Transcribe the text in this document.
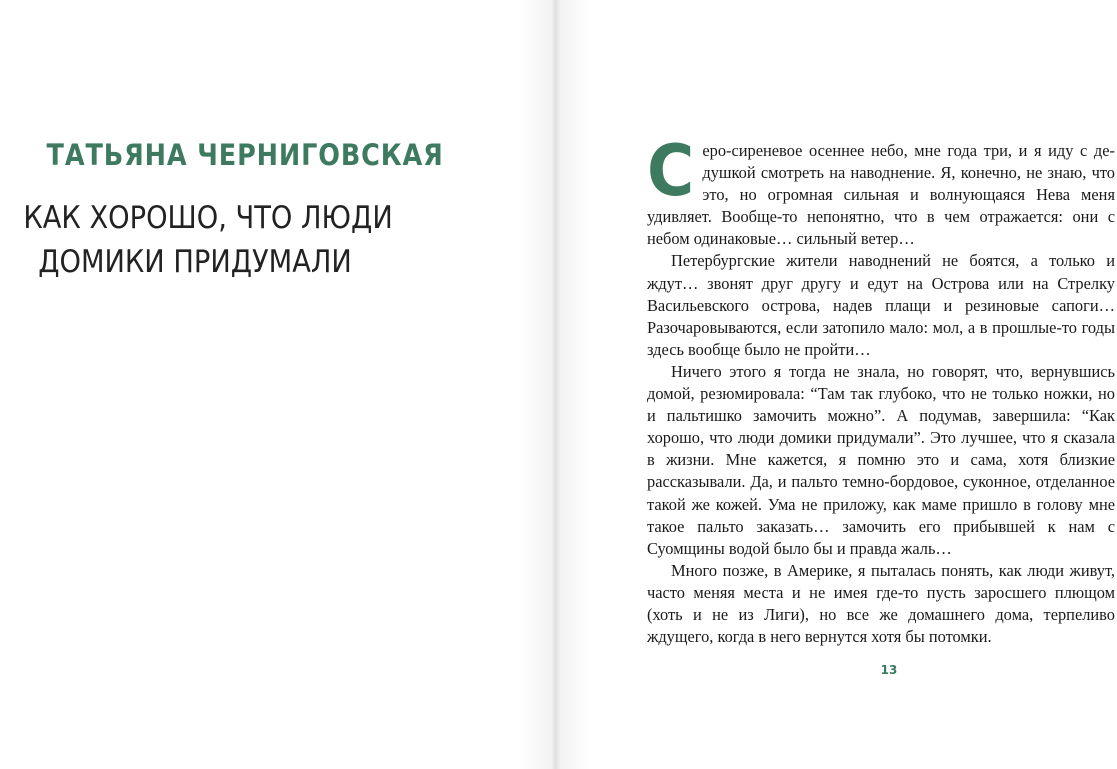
ТАТЬЯНА ЧЕРНИГОВСКАЯ
КАК ХОРОШО, ЧТО ЛЮДИ
ДОМИКИ ПРИДУМАЛИ

Серо-сиреневое осеннее небо, мне года три, и я иду с дедушкой смотреть на наводнение. Я, конечно, не знаю, что это, но огромная сильная и волнующаяся Нева меня удивляет. Вообще-то непонятно, что в чем отражается: они с небом одинаковые… сильный ветер…

Петербургские жители наводнений не боятся, а только и ждут… звонят друг другу и едут на Острова или на Стрелку Васильевского острова, надев плащи и резиновые сапоги… Разочаровываются, если затопило мало: мол, а в прошлые-то годы здесь вообще было не пройти…

Ничего этого я тогда не знала, но говорят, что, вернувшись домой, резюмировала: “Там так глубоко, что не только ножки, но и пальтишко замочить можно”. А подумав, завершила: “Как хорошо, что люди домики придумали”. Это лучшее, что я сказала в жизни. Мне кажется, я помню это и сама, хотя близкие рассказывали. Да, и пальто темно-бордовое, суконное, отделанное такой же кожей. Ума не приложу, как маме пришло в голову мне такое пальто заказать… замочить его прибывшей к нам с Суомщины водой было бы и правда жаль…

Много позже, в Америке, я пыталась понять, как люди живут, часто меняя места и не имея где-то пусть заросшего плющом (хоть и не из Лиги), но все же домашнего дома, терпеливо ждущего, когда в него вернутся хотя бы потомки.

13
